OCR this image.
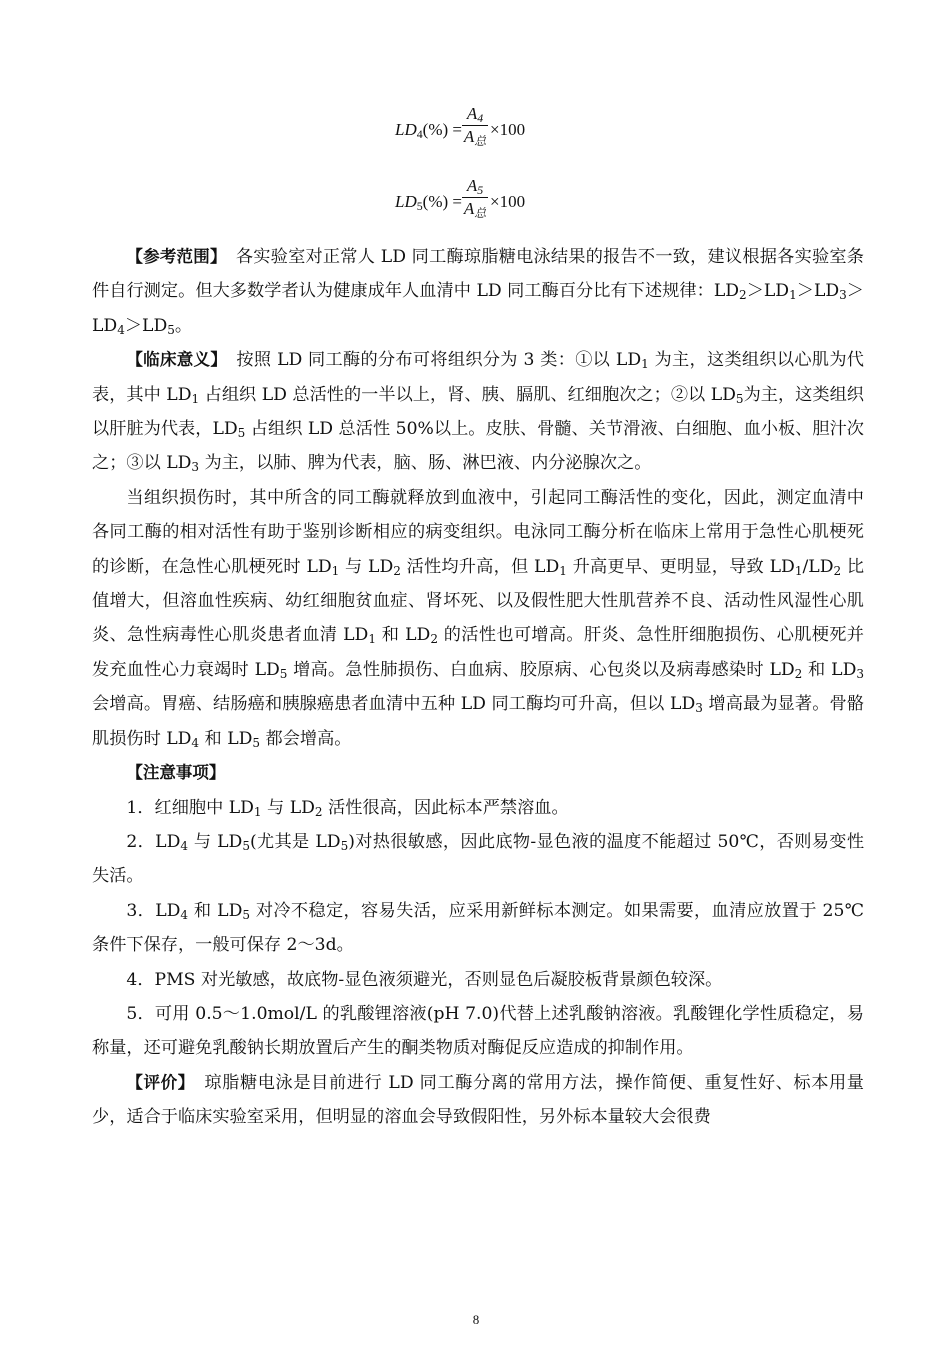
$LD_4(\%)$ =
$A_4$
$A_总$
×100
$LD_5(\%)$ =
$A_5$
$A_总$
×100

【参考范围】　 各实验室对正常人 LD 同工酶琼脂糖电泳结果的报告不一致，建议根据各实验室条件自行测定。但大多数学者认为健康成年人血清中 LD 同工酶百分比有下述规律：$LD_2>LD_1>LD_3>LD_4>LD_5$。

【临床意义】　 按照 LD 同工酶的分布可将组织分为 3 类：①以 $LD_1$ 为主，这类组织以心肌为代表，其中 $LD_1$ 占组织 LD 总活性的一半以上，肾、胰、膈肌、红细胞次之；②以 $LD_5$为主，这类组织以肝脏为代表，$LD_5$ 占组织 LD 总活性 50%以上。皮肤、骨髓、关节滑液、白细胞、血小板、胆汁次之；③以 $LD_3$ 为主，以肺、脾为代表，脑、肠、淋巴液、内分泌腺次之。

当组织损伤时，其中所含的同工酶就释放到血液中，引起同工酶活性的变化，因此，测定血清中各同工酶的相对活性有助于鉴别诊断相应的病变组织。电泳同工酶分析在临床上常用于急性心肌梗死的诊断，在急性心肌梗死时 $LD_1$ 与 $LD_2$ 活性均升高，但 $LD_1$ 升高更早、更明显，导致 $LD_1/LD_2$ 比值增大，但溶血性疾病、幼红细胞贫血症、肾坏死、以及假性肥大性肌营养不良、活动性风湿性心肌炎、急性病毒性心肌炎患者血清 $LD_1$ 和 $LD_2$ 的活性也可增高。肝炎、急性肝细胞损伤、心肌梗死并发充血性心力衰竭时 $LD_5$ 增高。急性肺损伤、白血病、胶原病、心包炎以及病毒感染时 $LD_2$ 和 $LD_3$ 会增高。胃癌、结肠癌和胰腺癌患者血清中五种 LD 同工酶均可升高，但以 $LD_3$ 增高最为显著。骨骼肌损伤时 $LD_4$ 和 $LD_5$ 都会增高。

【注意事项】

1．红细胞中 $LD_1$ 与 $LD_2$ 活性很高，因此标本严禁溶血。

2．$LD_4$ 与 $LD_5$(尤其是 $LD_5$)对热很敏感，因此底物-显色液的温度不能超过 50℃，否则易变性失活。

3．$LD_4$ 和 $LD_5$ 对冷不稳定，容易失活，应采用新鲜标本测定。如果需要，血清应放置于 25℃条件下保存，一般可保存 2～3d。

4．PMS 对光敏感，故底物-显色液须避光，否则显色后凝胶板背景颜色较深。

5．可用 0.5～1.0mol/L 的乳酸锂溶液(pH 7.0)代替上述乳酸钠溶液。乳酸锂化学性质稳定，易称量，还可避免乳酸钠长期放置后产生的酮类物质对酶促反应造成的抑制作用。

【评价】　 琼脂糖电泳是目前进行 LD 同工酶分离的常用方法，操作简便、重复性好、标本用量少，适合于临床实验室采用，但明显的溶血会导致假阳性，另外标本量较大会很费

8
